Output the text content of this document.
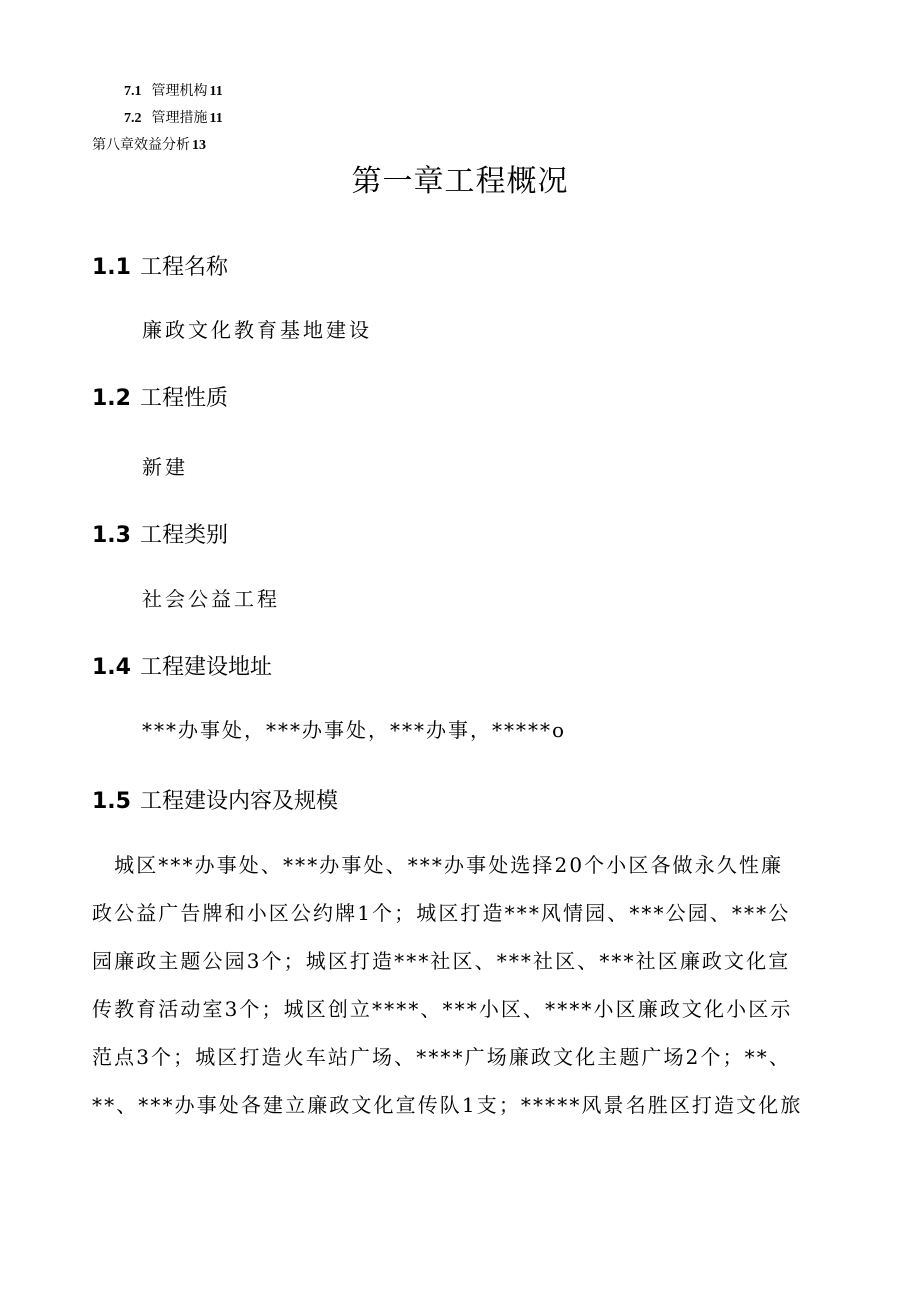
7.1 管理机构 11
7.2 管理措施 11
第八章效益分析 13
第一章工程概况
1.1 工程名称
廉政文化教育基地建设
1.2 工程性质
新建
1.3 工程类别
社会公益工程
1.4 工程建设地址
***办事处，***办事处，***办事，*****o
1.5 工程建设内容及规模
　城区***办事处、***办事处、***办事处选择20个小区各做永久性廉
政公益广告牌和小区公约牌1个；城区打造***风情园、***公园、***公
园廉政主题公园3个；城区打造***社区、***社区、***社区廉政文化宣
传教育活动室3个；城区创立****、***小区、****小区廉政文化小区示
范点3个；城区打造火车站广场、****广场廉政文化主题广场2个；**、
**、***办事处各建立廉政文化宣传队1支；*****风景名胜区打造文化旅
